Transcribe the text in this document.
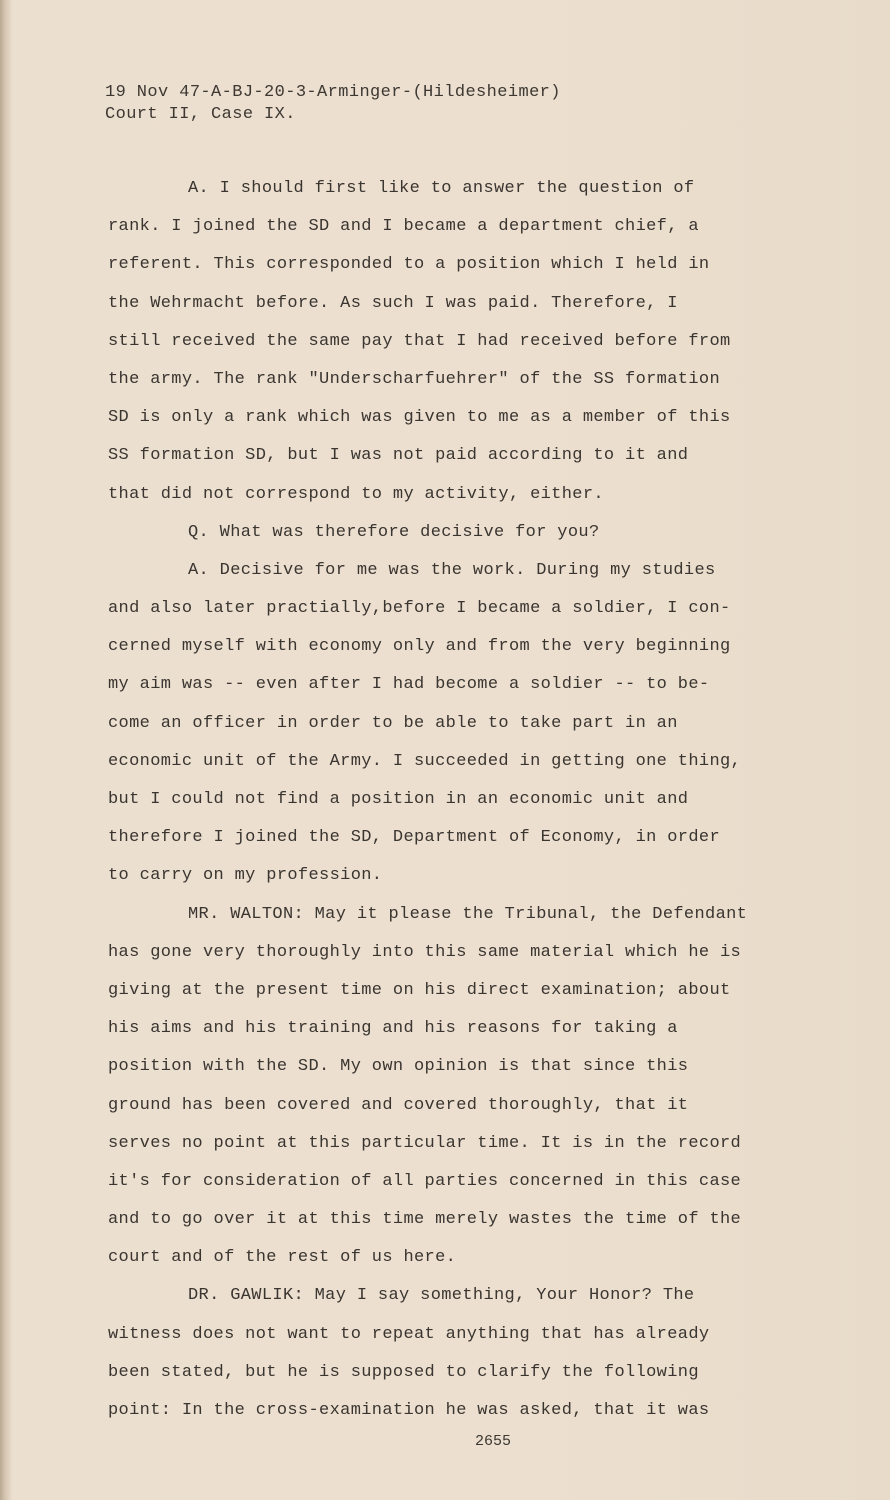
19 Nov 47-A-BJ-20-3-Arminger-(Hildesheimer)
Court II, Case IX.
A. I should first like to answer the question of
rank. I joined the SD and I became a department chief, a
referent. This corresponded to a position which I held in
the Wehrmacht before. As such I was paid. Therefore, I
still received the same pay that I had received before from
the army. The rank "Underscharfuehrer" of the SS formation
SD is only a rank which was given to me as a member of this
SS formation SD, but I was not paid according to it and
that did not correspond to my activity, either.
Q. What was therefore decisive for you?
A. Decisive for me was the work. During my studies
and also later practially,before I became a soldier, I con-
cerned myself with economy only and from the very beginning
my aim was -- even after I had become a soldier -- to be-
come an officer in order to be able to take part in an
economic unit of the Army. I succeeded in getting one thing,
but I could not find a position in an economic unit and
therefore I joined the SD, Department of Economy, in order
to carry on my profession.
MR. WALTON: May it please the Tribunal, the Defendant
has gone very thoroughly into this same material which he is
giving at the present time on his direct examination; about
his aims and his training and his reasons for taking a
position with the SD. My own opinion is that since this
ground has been covered and covered thoroughly, that it
serves no point at this particular time. It is in the record
it's for consideration of all parties concerned in this case
and to go over it at this time merely wastes the time of the
court and of the rest of us here.
DR. GAWLIK: May I say something, Your Honor? The
witness does not want to repeat anything that has already
been stated, but he is supposed to clarify the following
point: In the cross-examination he was asked, that it was
2655
